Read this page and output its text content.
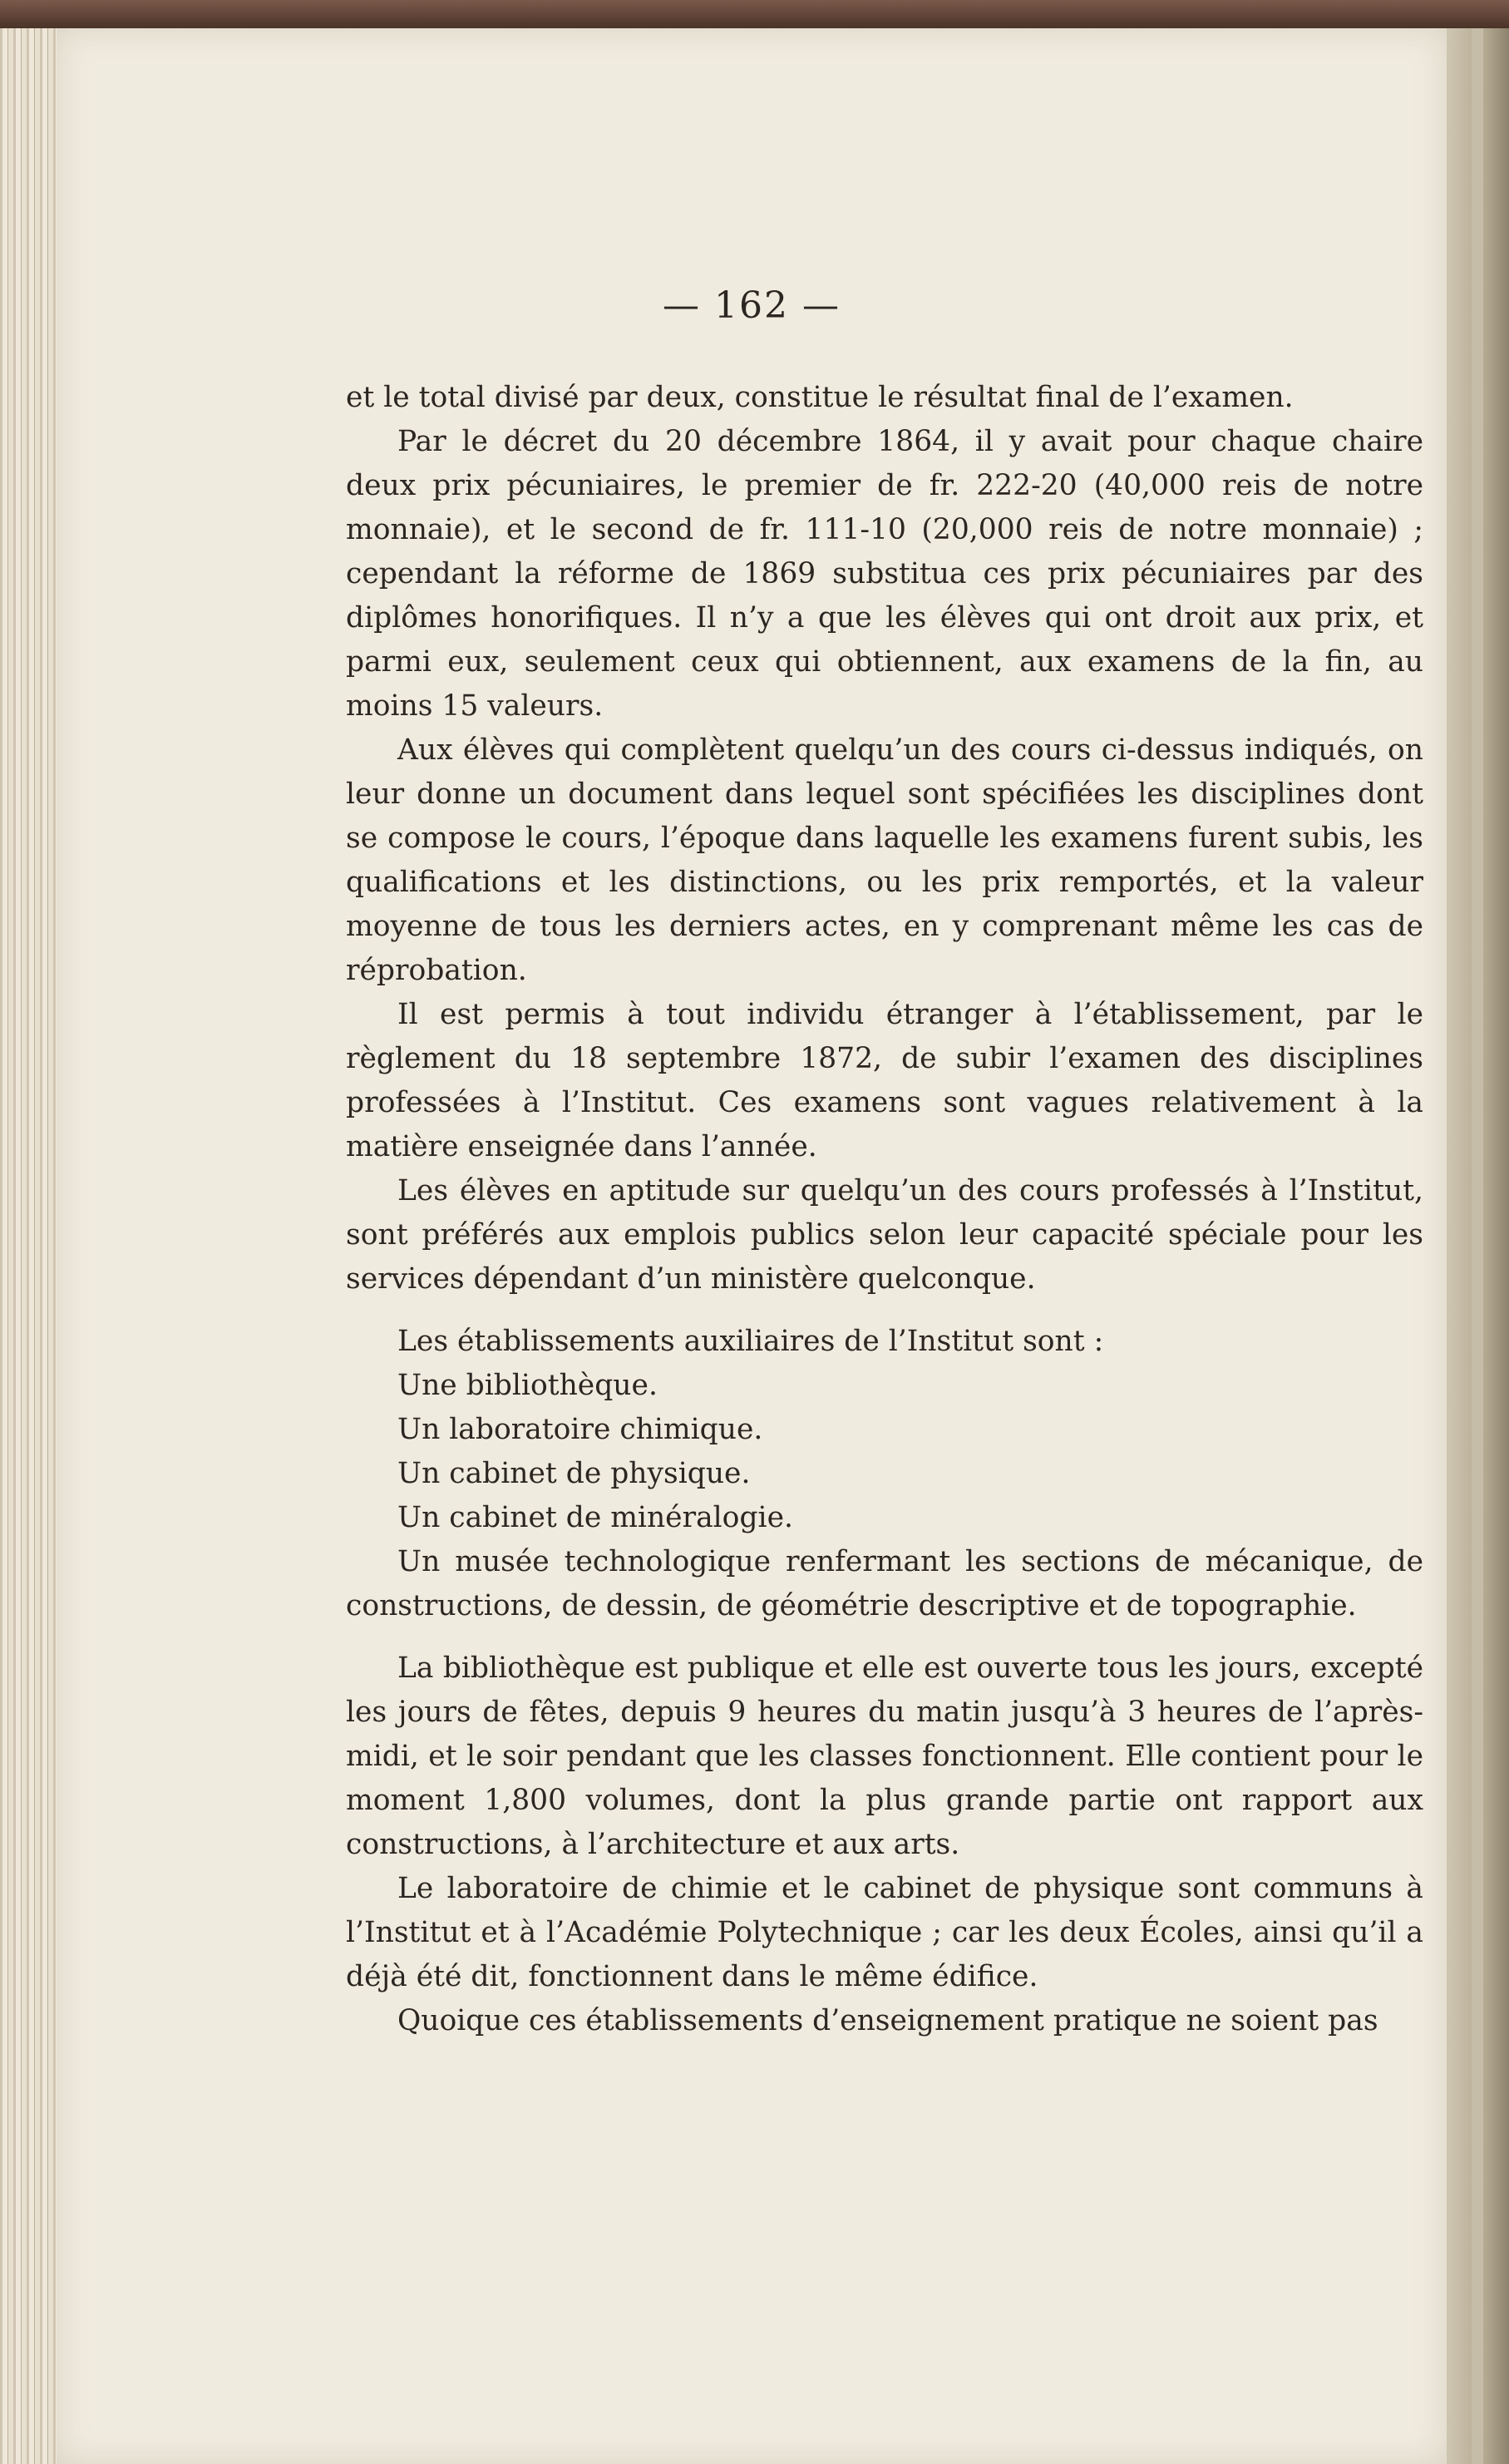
— 162 —

et le total divisé par deux, constitue le résultat final de l’examen.

Par le décret du 20 décembre 1864, il y avait pour chaque chaire deux prix pécuniaires, le premier de fr. 222-20 (40,000 reis de notre monnaie), et le second de fr. 111-10 (20,000 reis de notre monnaie) ; cependant la réforme de 1869 substitua ces prix pécuniaires par des diplômes honorifiques. Il n’y a que les élèves qui ont droit aux prix, et parmi eux, seulement ceux qui obtiennent, aux examens de la fin, au moins 15 valeurs.

Aux élèves qui complètent quelqu’un des cours ci-dessus indiqués, on leur donne un document dans lequel sont spécifiées les disciplines dont se compose le cours, l’époque dans laquelle les examens furent subis, les qualifications et les distinctions, ou les prix remportés, et la valeur moyenne de tous les derniers actes, en y comprenant même les cas de réprobation.

Il est permis à tout individu étranger à l’établissement, par le règlement du 18 septembre 1872, de subir l’examen des disciplines professées à l’Institut. Ces examens sont vagues relativement à la matière enseignée dans l’année.

Les élèves en aptitude sur quelqu’un des cours professés à l’Institut, sont préférés aux emplois publics selon leur capacité spéciale pour les services dépendant d’un ministère quelconque.

Les établissements auxiliaires de l’Institut sont :

Une bibliothèque.

Un laboratoire chimique.

Un cabinet de physique.

Un cabinet de minéralogie.

Un musée technologique renfermant les sections de mécanique, de constructions, de dessin, de géométrie descriptive et de topographie.

La bibliothèque est publique et elle est ouverte tous les jours, excepté les jours de fêtes, depuis 9 heures du matin jusqu’à 3 heures de l’après-midi, et le soir pendant que les classes fonctionnent. Elle contient pour le moment 1,800 volumes, dont la plus grande partie ont rapport aux constructions, à l’architecture et aux arts.

Le laboratoire de chimie et le cabinet de physique sont communs à l’Institut et à l’Académie Polytechnique ; car les deux Écoles, ainsi qu’il a déjà été dit, fonctionnent dans le même édifice.

Quoique ces établissements d’enseignement pratique ne soient pas
